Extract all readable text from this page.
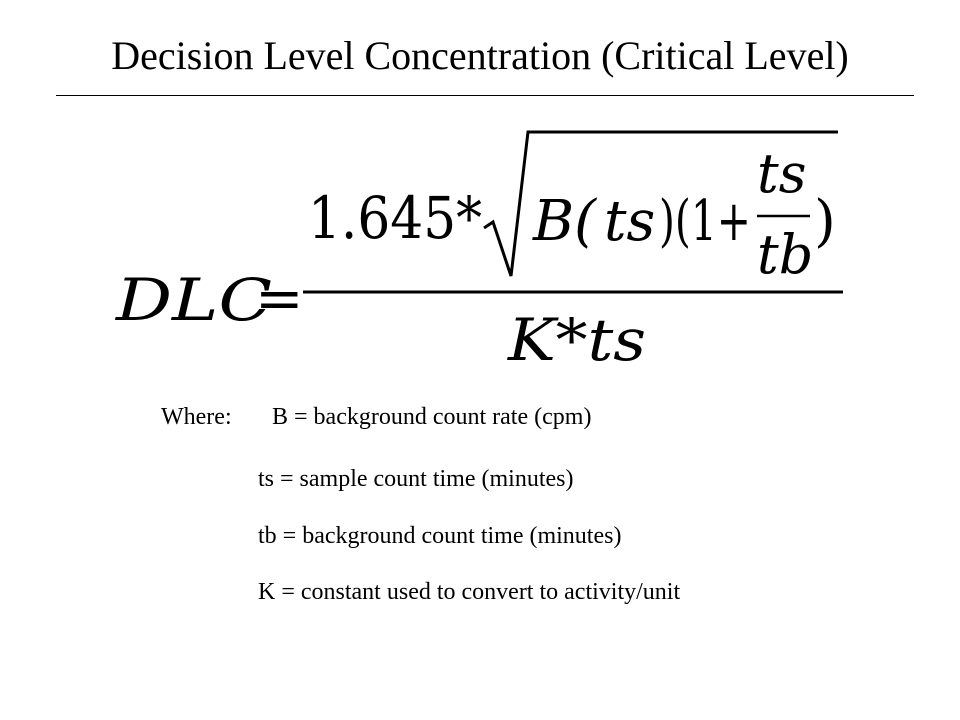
Decision Level Concentration (Critical Level)
DLC
=
1.645* B( ts )(1+
ts
tb
)
K*ts
Where: B = background count rate (cpm)
ts = sample count time (minutes)
tb = background count time (minutes)
K = constant used to convert to activity/unit
